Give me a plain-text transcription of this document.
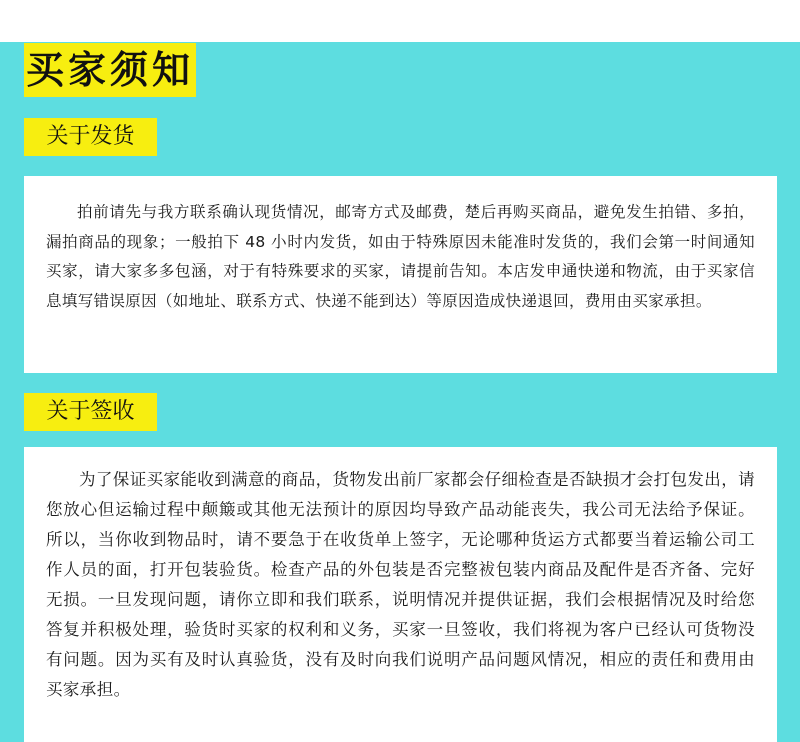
买家须知
关于发货

拍前请先与我方联系确认现货情况，邮寄方式及邮费，楚后再购买商品，避免发生拍错、多拍，漏拍商品的现象；一般拍下 48 小时内发货，如由于特殊原因未能准时发货的，我们会第一时间通知买家，请大家多多包涵，对于有特殊要求的买家，请提前告知。本店发申通快递和物流，由于买家信息填写错误原因（如地址、联系方式、快递不能到达）等原因造成快递退回，费用由买家承担。

关于签收

为了保证买家能收到满意的商品，货物发出前厂家都会仔细检查是否缺损才会打包发出，请您放心但运输过程中颠簸或其他无法预计的原因均导致产品动能丧失，我公司无法给予保证。所以，当你收到物品时，请不要急于在收货单上签字，无论哪种货运方式都要当着运输公司工作人员的面，打开包装验货。检查产品的外包装是否完整袚包装内商品及配件是否齐备、完好无损。一旦发现问题，请你立即和我们联系，说明情况并提供证据，我们会根据情况及时给您答复并积极处理，验货时买家的权利和义务，买家一旦签收，我们将视为客户已经认可货物没有问题。因为买有及时认真验货，没有及时向我们说明产品问题风情况，相应的责任和费用由买家承担。
